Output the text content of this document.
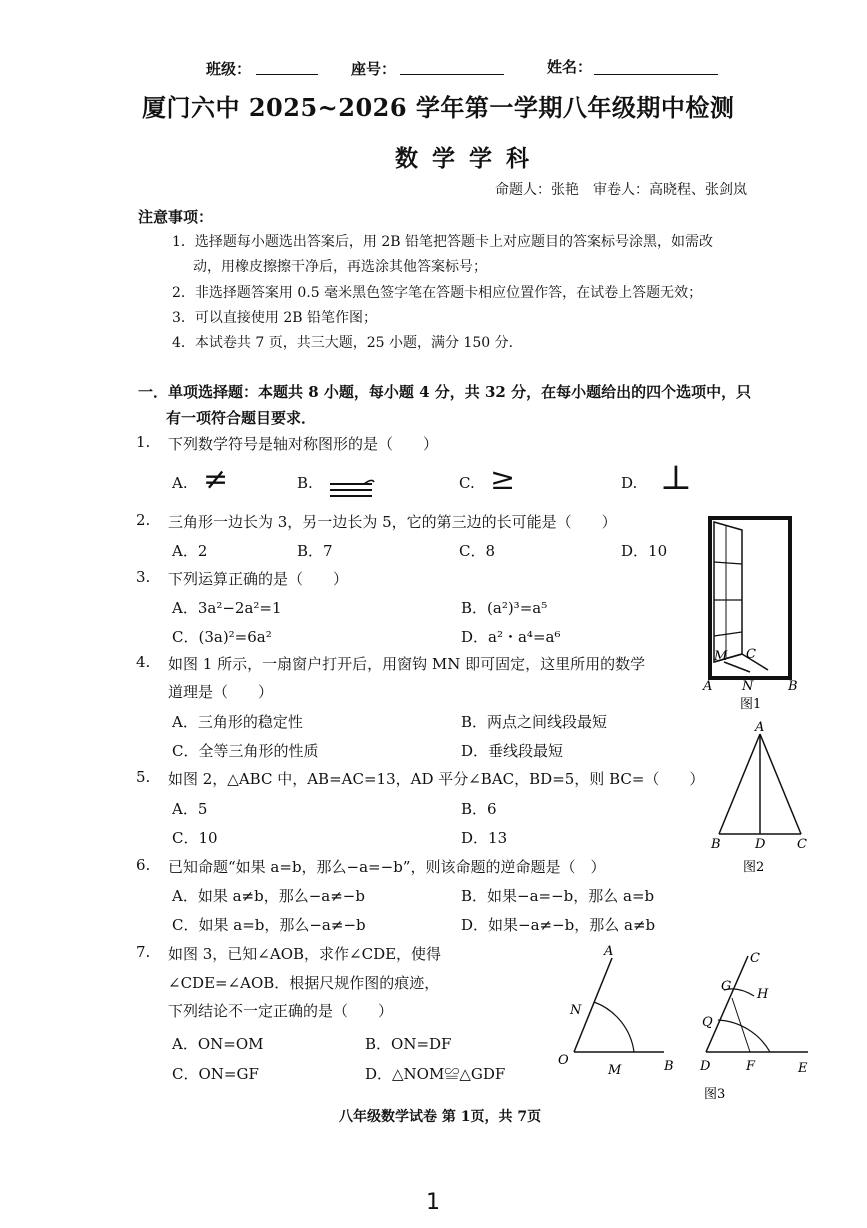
班级：	座号：	姓名：
厦门六中 2025~2026 学年第一学期八年级期中检测
数学学科
命题人：张艳　审卷人：高晓程、张剑岚
注意事项：
1．选择题每小题选出答案后，用 2B 铅笔把答题卡上对应题目的答案标号涂黑，如需改
动，用橡皮擦擦干净后，再选涂其他答案标号；
2．非选择题答案用 0.5 毫米黑色签字笔在答题卡相应位置作答，在试卷上答题无效；
3．可以直接使用 2B 铅笔作图；
4．本试卷共 7 页，共三大题，25 小题，满分 150 分．
一．单项选择题：本题共 8 小题，每小题 4 分，共 32 分，在每小题给出的四个选项中，只
有一项符合题目要求．
1. 下列数学符号是轴对称图形的是（　　）
A. ≠	B.	C. ≥	D. ⊥
2. 三角形一边长为 3，另一边长为 5，它的第三边的长可能是（　　）
A．2	B．7	C．8	D．10
3. 下列运算正确的是（　　）
A．3a²−2a²=1	B．(a²)³=a⁵
C．(3a)²=6a²	D．a²・a⁴=a⁶
4. 如图 1 所示，一扇窗户打开后，用窗钩 MN 即可固定，这里所用的数学
道理是（　　）
A．三角形的稳定性	B．两点之间线段最短
C．全等三角形的性质	D．垂线段最短
5. 如图 2，△ABC 中，AB=AC=13，AD 平分∠BAC，BD=5，则 BC=（　　）
A．5	B．6
C．10	D．13
6. 已知命题“如果 a=b，那么−a=−b”，则该命题的逆命题是（　）
A．如果 a≠b，那么−a≠−b	B．如果−a=−b，那么 a=b
C．如果 a=b，那么−a≠−b	D．如果−a≠−b，那么 a≠b
7. 如图 3，已知∠AOB，求作∠CDE，使得
∠CDE=∠AOB．根据尺规作图的痕迹，
下列结论不一定正确的是（　　）
A．ON=OM	B．ON=DF
C．ON=GF	D．△NOM≌△GDF
M C
A N	B
图1
A
B	D C
图2
A
N
O
M	B
C
G
H
Q
D	F	E
图3
八年级数学试卷 第 1页，共 7页
1
